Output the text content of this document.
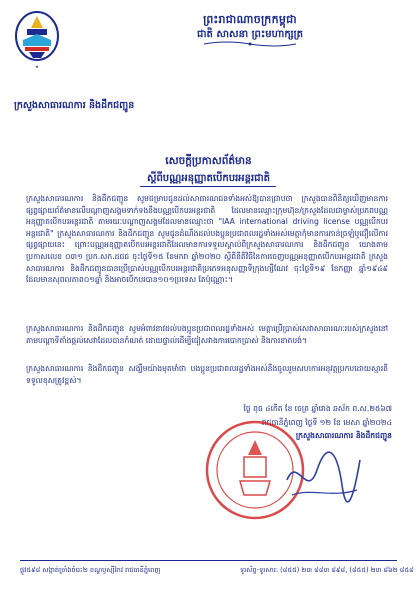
ព្រះរាជាណាចក្រកម្ពុជា
ជាតិ សាសនា ព្រះមហាក្សត្រ
★
ក្រសួងសាធារណការ និងដឹកជញ្ជូន
សេចក្តីប្រកាសព័ត៌មាន
ស្តីពីបណ្ណអនុញ្ញាតបើកបរអន្តរជាតិ
ក្រសួងសាធារណការ និងដឹកជញ្ជូន សូមជម្រាបជូនដល់សាធារណជនទាំងអស់ឱ្យបានជ្រាបថា ក្រសួងបានពិនិត្យឃើញមានការផ្សព្វផ្សាយព័ត៌មានលើបណ្តាញសង្គមទាក់ទងនឹងបណ្ណបើកបរអន្តរជាតិ ដែលមានឈ្មោះក្រុមហ៊ុន/ក្រសួងដែលជាម្ចាស់ប្រភពបណ្ណអនុញ្ញាតបើកបរអន្តរជាតិ តាមរយៈបណ្តាញសង្គមដែលមានឈ្មោះថា "IAA international driving license បណ្ណបើកបរអន្តរជាតិ" ក្រសួងសាធារណការ និងដឹកជញ្ជូន សូមជូនដំណឹងដល់បងប្អូនប្រជាពលរដ្ឋទាំងអស់មេត្តាកុំមានការភាន់ច្រឡំឬជឿលើការផ្សព្វផ្សាយនេះ ព្រោះបណ្ណអនុញ្ញាតបើកបរអន្តរជាតិដែលមានការទទួលស្គាល់ពីក្រសួងសាធារណការ និងដឹកជញ្ជូន យោងតាមប្រកាសលេខ ០៣១ ប្រក.សក.ដជជ ចុះថ្ងៃទី១៥ ខែមករា ឆ្នាំ២០២០ ស្តីពីនីតិវិធីនៃការចេញបណ្ណអនុញ្ញាតបើកបរអន្តរជាតិ ក្រសួងសាធារណការ និងដឹកជញ្ជូនបានប្រើប្រាស់បណ្ណបើកបរអន្តរជាតិប្រភេទអនុសញ្ញាទីក្រុងហ្សឺណែវ ចុះថ្ងៃទី១៩ ខែកញ្ញា ឆ្នាំ១៩៤៩ ដែលមានសុពលភាព០១ឆ្នាំ និងអាចបើកបរបាន១០១ប្រទេស តែប៉ុណ្ណោះ។
ក្រសួងសាធារណការ និងដឹកជញ្ជូន សូមអំពាវនាវដល់បងប្អូនប្រជាពលរដ្ឋទាំងអស់ មេត្តាប្រើប្រាស់សេវាសាធារណៈរបស់ក្រសួងនៅតាមបណ្តាទីតាំងផ្តល់សេវាដែលបានកំណត់ ដោយផ្ទាល់ដើម្បីជៀសវាងការបោកប្រាស់ និងការខាតបង់។
ក្រសួងសាធារណការ និងដឹកជញ្ជូន សង្ឃឹមយ៉ាងមុតមាំថា បងប្អូនប្រជាពលរដ្ឋទាំងអស់នឹងចូលរួមសហការអនុវត្តប្រកបដោយស្មារតីទទួលខុសត្រូវខ្ពស់។
ថ្ងៃ ពុធ ៤កើត ខែ ចេត្រ ឆ្នាំរោង ឆស័ក ព.ស.២៥៦៧
រាជធានីភ្នំពេញ ថ្ងៃទី ១២ ខែ មេសា ឆ្នាំ២០២៤
ក្រសួងសាធារណការ និងដឹកជញ្ជូន
ផ្លូវ៥៩៨ សង្កាត់ច្រាំងចំរេះ២ ខណ្ឌឫស្សីកែវ រាជធានីភ្នំពេញ	ទូរស័ព្ទ-ទូរសារ: (៨៥៥) ២៣ ៨៨៣ ៨៩៨, (៨៥៥) ២៣ ៨៦២ ៨៥៨
